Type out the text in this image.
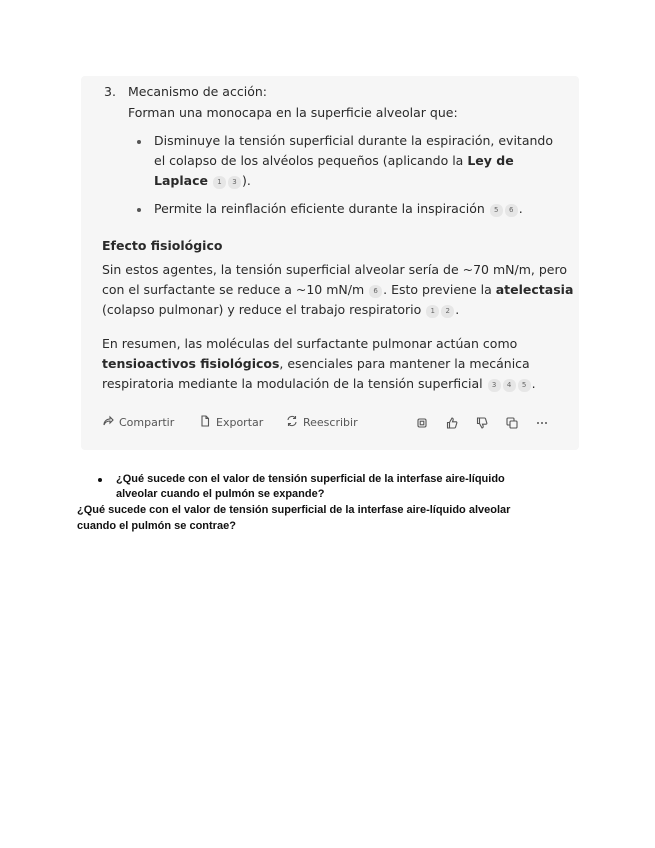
3. Mecanismo de acción:
Forman una monocapa en la superficie alveolar que:
Disminuye la tensión superficial durante la espiración, evitando
el colapso de los alvéolos pequeños (aplicando la Ley de
Laplace 1 3 ).
Permite la reinflación eficiente durante la inspiración 5 6 .
Efecto fisiológico
Sin estos agentes, la tensión superficial alveolar sería de ~70 mN/m, pero
con el surfactante se reduce a ~10 mN/m 6 . Esto previene la atelectasia
(colapso pulmonar) y reduce el trabajo respiratorio 1 2 .
En resumen, las moléculas del surfactante pulmonar actúan como
tensioactivos fisiológicos, esenciales para mantener la mecánica
respiratoria mediante la modulación de la tensión superficial 3 4 5 .
Compartir	Exportar	Reescribir
¿Qué sucede con el valor de tensión superficial de la interfase aire-líquido
alveolar cuando el pulmón se expande?
¿Qué sucede con el valor de tensión superficial de la interfase aire-líquido alveolar
cuando el pulmón se contrae?
